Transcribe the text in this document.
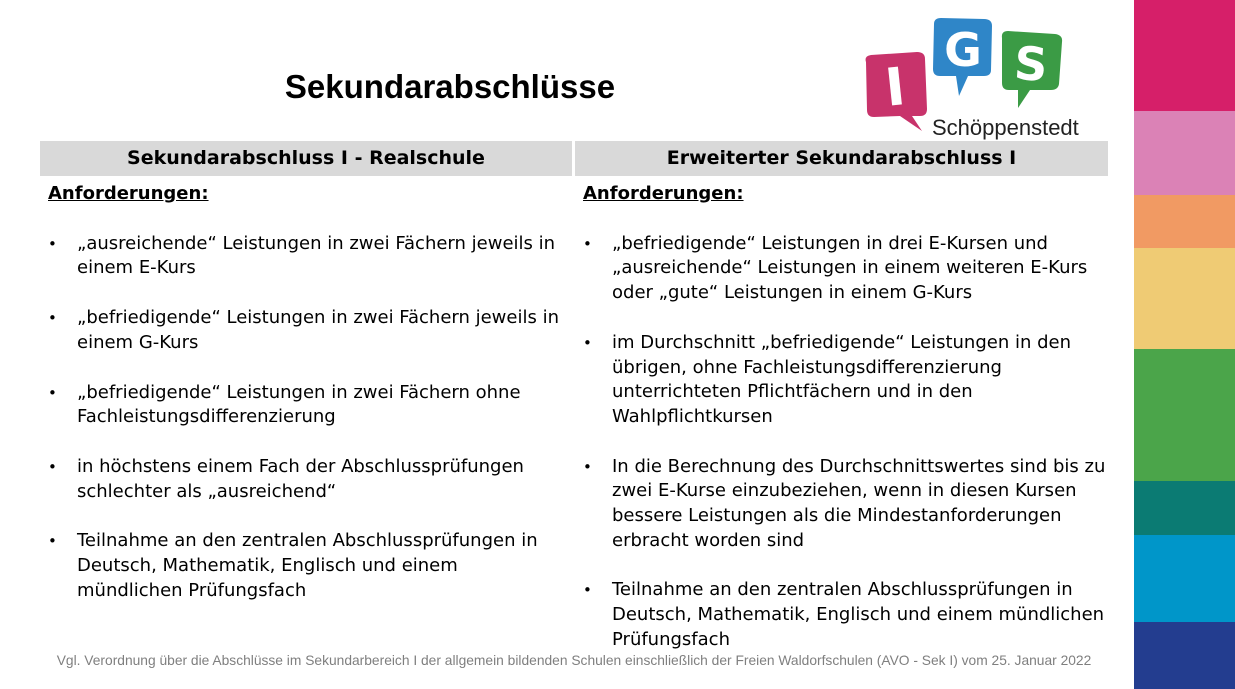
Sekundarabschlüsse	I
G S
Schöppenstedt
Sekundarabschluss I - Realschule	Erweiterter Sekundarabschluss I
Anforderungen:
• „ausreichende“ Leistungen in zwei Fächern jeweils in einem E-Kurs
• „befriedigende“ Leistungen in zwei Fächern jeweils in einem G-Kurs
• „befriedigende“ Leistungen in zwei Fächern ohne Fachleistungsdifferenzierung
• in höchstens einem Fach der Abschlussprüfungen schlechter als „ausreichend“
• Teilnahme an den zentralen Abschlussprüfungen in Deutsch, Mathematik, Englisch und einem mündlichen Prüfungsfach
Anforderungen:
• „befriedigende“ Leistungen in drei E-Kursen und „ausreichende“ Leistungen in einem weiteren E-Kurs oder „gute“ Leistungen in einem G-Kurs
• im Durchschnitt „befriedigende“ Leistungen in den übrigen, ohne Fachleistungsdifferenzierung unterrichteten Pflichtfächern und in den Wahlpflichtkursen
• In die Berechnung des Durchschnittswertes sind bis zu zwei E-Kurse einzubeziehen, wenn in diesen Kursen bessere Leistungen als die Mindestanforderungen erbracht worden sind
• Teilnahme an den zentralen Abschlussprüfungen in Deutsch, Mathematik, Englisch und einem mündlichen Prüfungsfach
Vgl. Verordnung über die Abschlüsse im Sekundarbereich I der allgemein bildenden Schulen einschließlich der Freien Waldorfschulen (AVO - Sek I) vom 25. Januar 2022
